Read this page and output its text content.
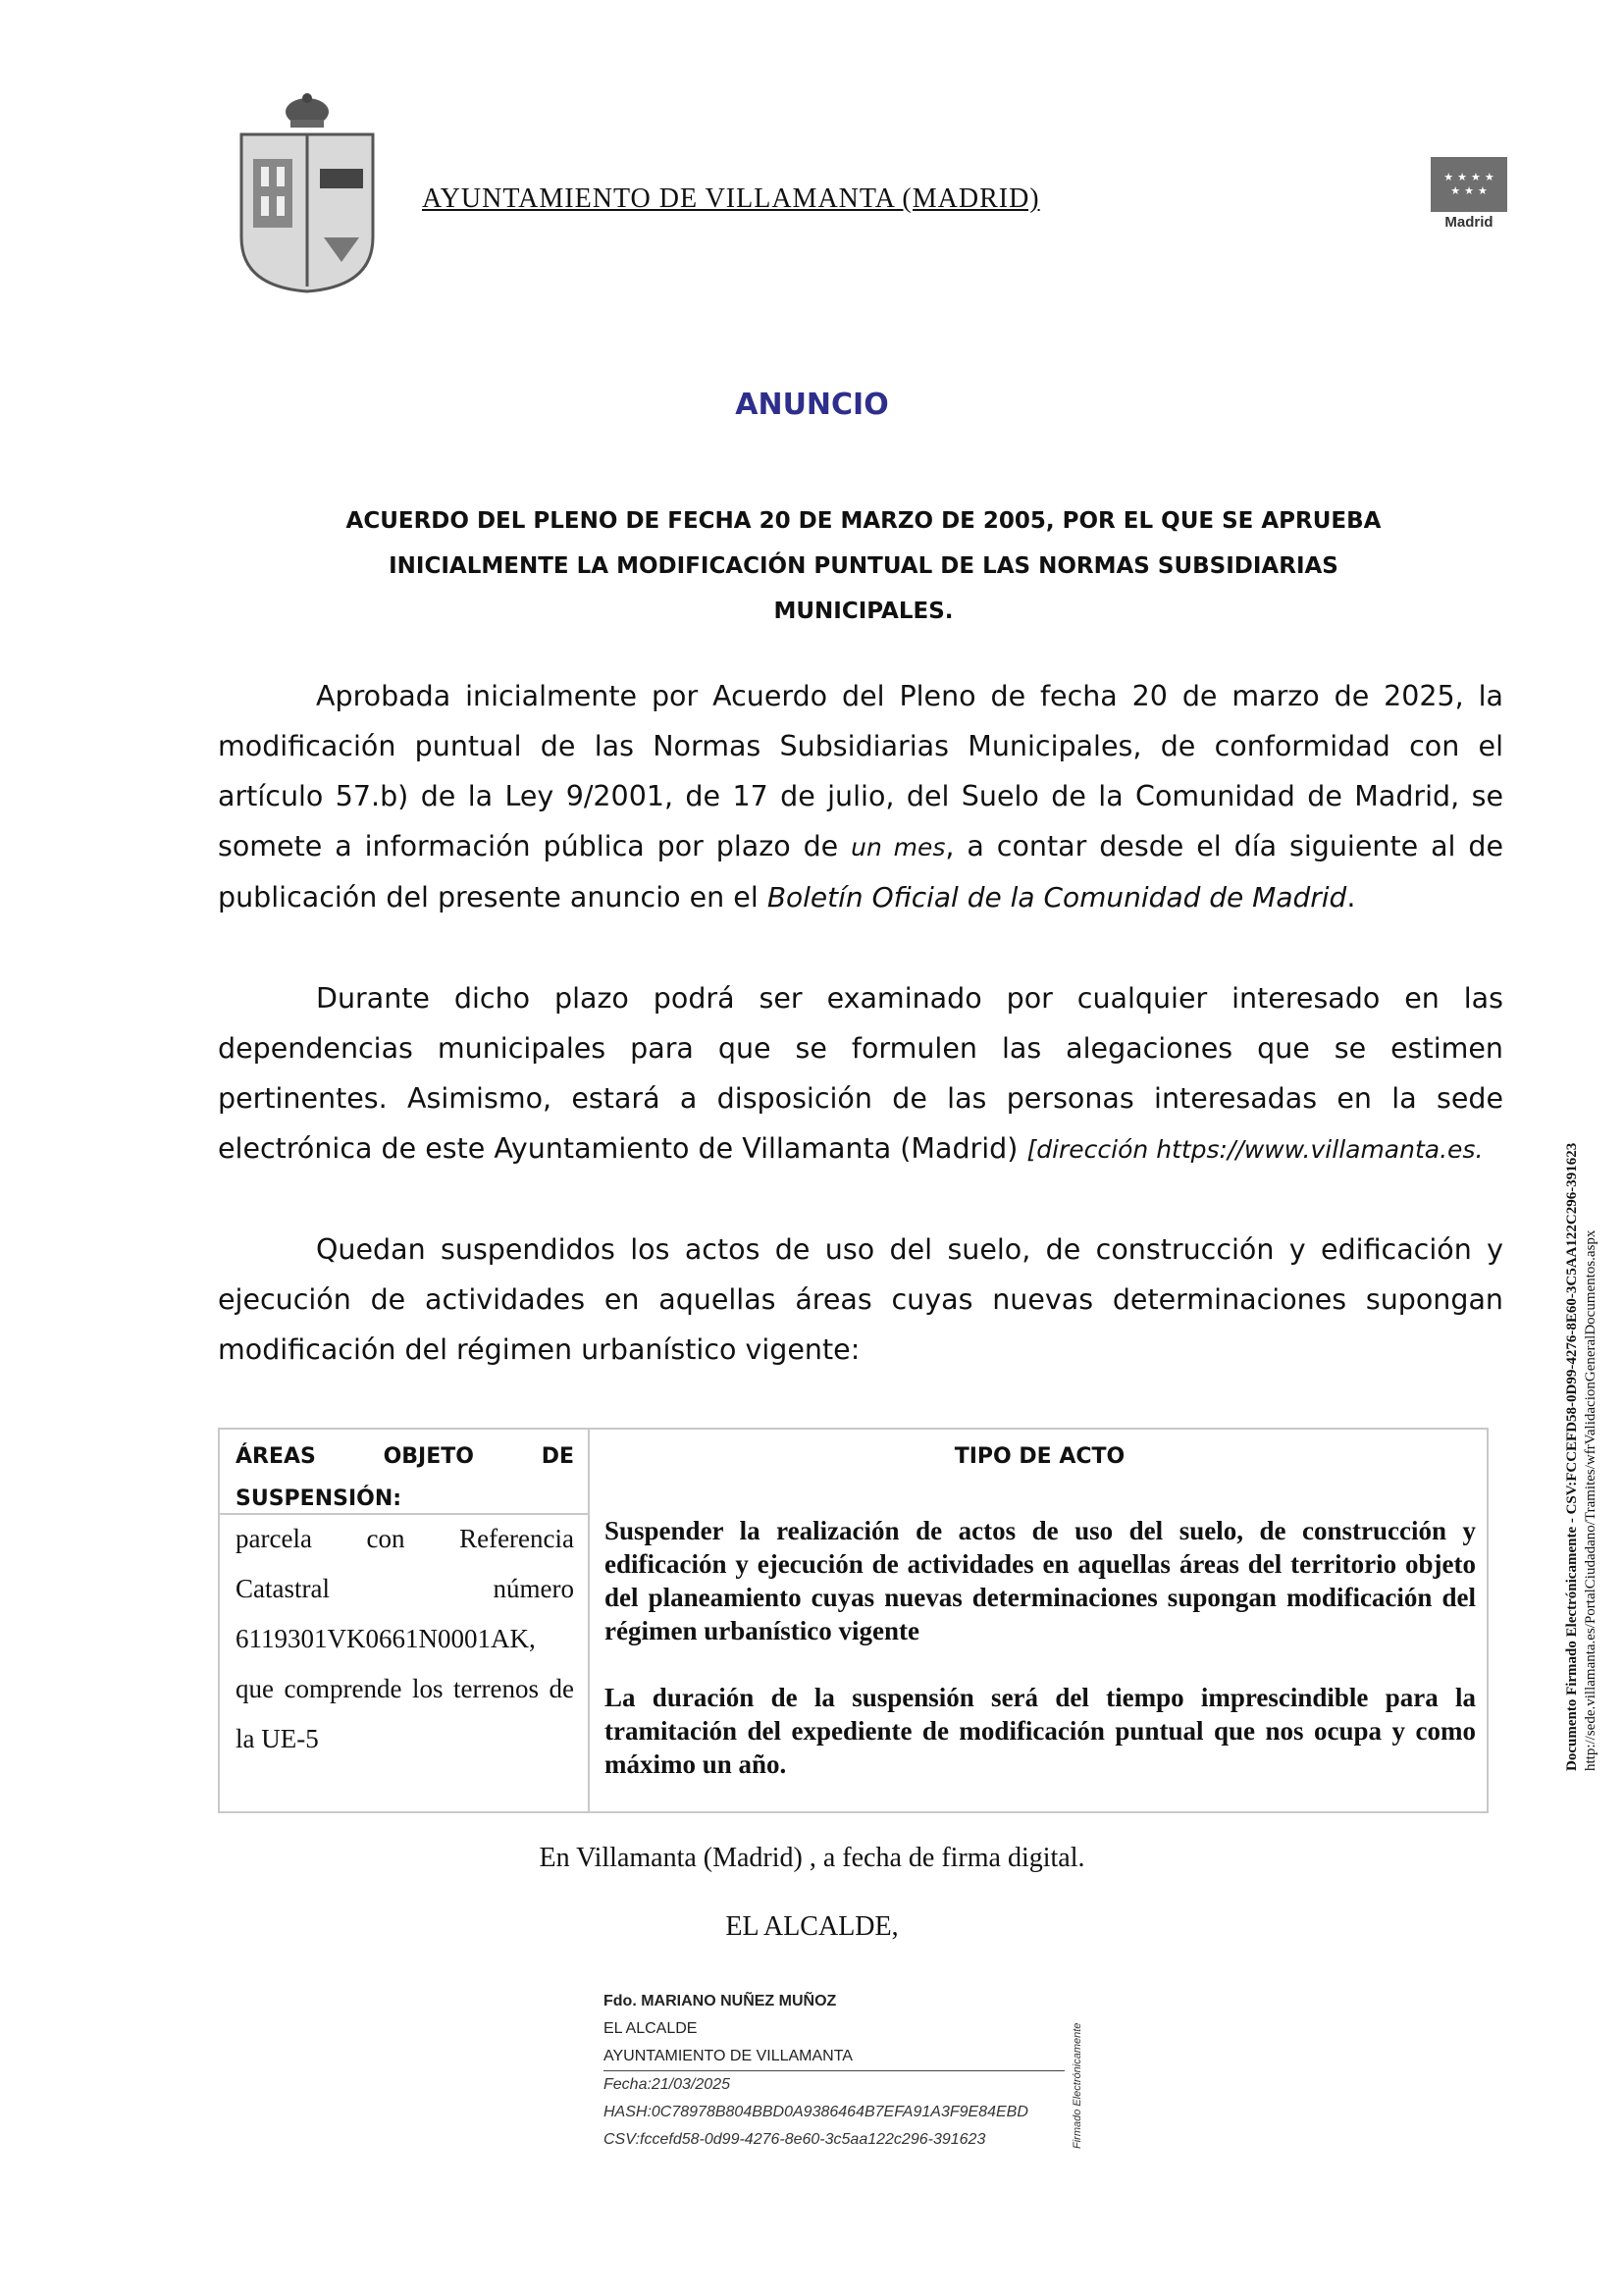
AYUNTAMIENTO DE VILLAMANTA (MADRID)
★ ★ ★ ★
★ ★ ★
Madrid
ANUNCIO
ACUERDO DEL PLENO DE FECHA 20 DE MARZO DE 2005, POR EL QUE SE APRUEBA
INICIALMENTE LA MODIFICACIÓN PUNTUAL DE LAS NORMAS SUBSIDIARIAS
MUNICIPALES.
Aprobada inicialmente por Acuerdo del Pleno de fecha 20 de marzo de 2025, la modificación puntual de las Normas Subsidiarias Municipales, de conformidad con el artículo 57.b) de la Ley 9/2001, de 17 de julio, del Suelo de la Comunidad de Madrid, se somete a información pública por plazo de un mes, a contar desde el día siguiente al de publicación del presente anuncio en el Boletín Oficial de la Comunidad de Madrid.
Durante dicho plazo podrá ser examinado por cualquier interesado en las dependencias municipales para que se formulen las alegaciones que se estimen pertinentes. Asimismo, estará a disposición de las personas interesadas en la sede electrónica de este Ayuntamiento de Villamanta (Madrid) [dirección https://www.villamanta.es.
Quedan suspendidos los actos de uso del suelo, de construcción y edificación y ejecución de actividades en aquellas áreas cuyas nuevas determinaciones supongan modificación del régimen urbanístico vigente:
ÁREAS OBJETO DE SUSPENSIÓN:
TIPO DE ACTO
parcela con Referencia Catastral número 6119301VK0661N0001AK, que comprende los terrenos de la UE-5

Suspender la realización de actos de uso del suelo, de construcción y edificación y ejecución de actividades en aquellas áreas del territorio objeto del planeamiento cuyas nuevas determinaciones supongan modificación del régimen urbanístico vigente

La duración de la suspensión será del tiempo imprescindible para la tramitación del expediente de modificación puntual que nos ocupa y como máximo un año.

En Villamanta (Madrid) , a fecha de firma digital.
EL ALCALDE,
Fdo. MARIANO NUÑEZ MUÑOZ
EL ALCALDE
AYUNTAMIENTO DE VILLAMANTA
Fecha:21/03/2025
HASH:0C78978B804BBD0A9386464B7EFA91A3F9E84EBD
CSV:fccefd58-0d99-4276-8e60-3c5aa122c296-391623	Firmado Electrónicamente
Documento Firmado Electrónicamente - CSV:FCCEFD58-0D99-4276-8E60-3C5AA122C296-391623 http://sede.villamanta.es/PortalCiudadano/Tramites/wfrValidacionGeneralDocumentos.aspx
